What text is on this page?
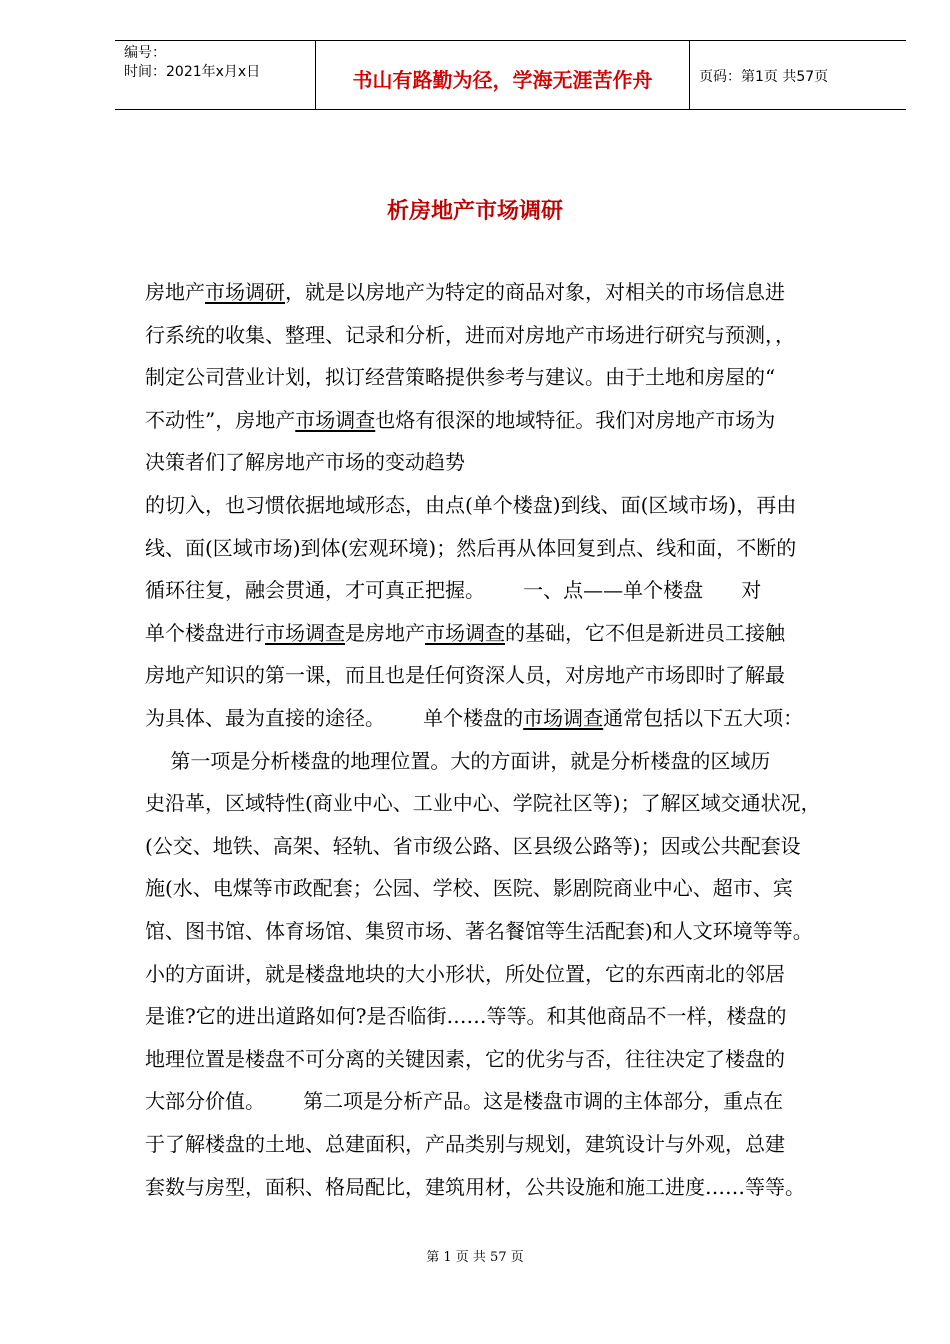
编号：
时间：2021年x月x日	书山有路勤为径，学海无涯苦作舟	页码：第1页 共57页
析房地产市场调研
房地产市场调研，就是以房地产为特定的商品对象，对相关的市场信息进
行系统的收集、整理、记录和分析，进而对房地产市场进行研究与预测，，
制定公司营业计划，拟订经营策略提供参考与建议。由于土地和房屋的“
不动性”，房地产市场调查也烙有很深的地域特征。我们对房地产市场为
决策者们了解房地产市场的变动趋势
的切入，也习惯依据地域形态，由点(单个楼盘)到线、面(区域市场)，再由
线、面(区域市场)到体(宏观环境)；然后再从体回复到点、线和面，不断的
循环往复，融会贯通，才可真正把握。      一、点——单个楼盘      对
单个楼盘进行市场调查是房地产市场调查的基础，它不但是新进员工接触
房地产知识的第一课，而且也是任何资深人员，对房地产市场即时了解最
为具体、最为直接的途径。      单个楼盘的市场调查通常包括以下五大项：
第一项是分析楼盘的地理位置。大的方面讲，就是分析楼盘的区域历
史沿革，区域特性(商业中心、工业中心、学院社区等)；了解区域交通状况，
(公交、地铁、高架、轻轨、省市级公路、区县级公路等)；因或公共配套设
施(水、电煤等市政配套；公园、学校、医院、影剧院商业中心、超市、宾
馆、图书馆、体育场馆、集贸市场、著名餐馆等生活配套)和人文环境等等。
小的方面讲，就是楼盘地块的大小形状，所处位置，它的东西南北的邻居
是谁?它的进出道路如何?是否临街……等等。和其他商品不一样，楼盘的
地理位置是楼盘不可分离的关键因素，它的优劣与否，往往决定了楼盘的
大部分价值。      第二项是分析产品。这是楼盘市调的主体部分，重点在
于了解楼盘的土地、总建面积，产品类别与规划，建筑设计与外观，总建
套数与房型，面积、格局配比，建筑用材，公共设施和施工进度……等等。
第 1 页 共 57 页
